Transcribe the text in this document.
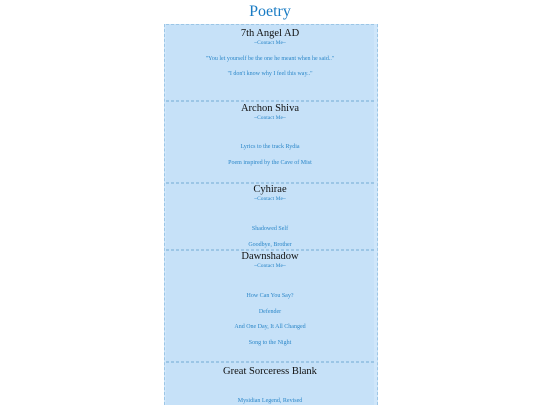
Poetry
7th Angel AD
~Contact Me~
"You let yourself be the one he meant when he said.."
"I don't know why I feel this way.."
Archon Shiva
~Contact Me~
Lyrics to the track Rydia
Poem inspired by the Cave of Mist
Cyhirae
~Contact Me~
Shadowed Self
Goodbye, Brother
Dawnshadow
~Contact Me~
How Can You Say?
Defender
And One Day, It All Changed
Song to the Night
Great Sorceress Blank
Mysidian Legend, Revised
